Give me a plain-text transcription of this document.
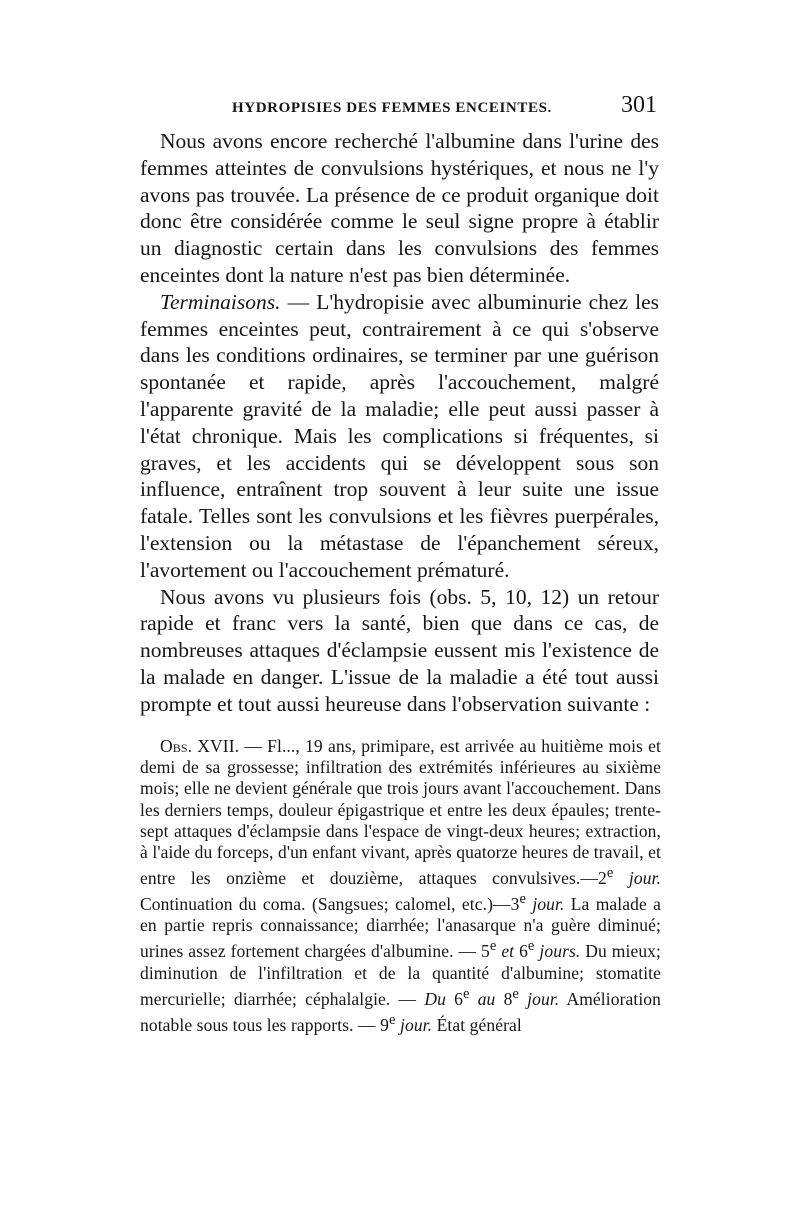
HYDROPISIES DES FEMMES ENCEINTES.	301

Nous avons encore recherché l'albumine dans l'urine des femmes atteintes de convulsions hystériques, et nous ne l'y avons pas trouvée. La présence de ce produit organique doit donc être considérée comme le seul signe propre à établir un diagnostic certain dans les convulsions des femmes enceintes dont la nature n'est pas bien déterminée.

Terminaisons. — L'hydropisie avec albuminurie chez les femmes enceintes peut, contrairement à ce qui s'observe dans les conditions ordinaires, se terminer par une guérison spontanée et rapide, après l'accouchement, malgré l'apparente gravité de la maladie; elle peut aussi passer à l'état chronique. Mais les complications si fréquentes, si graves, et les accidents qui se développent sous son influence, entraînent trop souvent à leur suite une issue fatale. Telles sont les convulsions et les fièvres puerpérales, l'extension ou la métastase de l'épanchement séreux, l'avortement ou l'accouchement prématuré.

Nous avons vu plusieurs fois (obs. 5, 10, 12) un retour rapide et franc vers la santé, bien que dans ce cas, de nombreuses attaques d'éclampsie eussent mis l'existence de la malade en danger. L'issue de la maladie a été tout aussi prompte et tout aussi heureuse dans l'observation suivante :

Obs. XVII. — Fl..., 19 ans, primipare, est arrivée au huitième mois et demi de sa grossesse; infiltration des extrémités inférieures au sixième mois; elle ne devient générale que trois jours avant l'accouchement. Dans les derniers temps, douleur épigastrique et entre les deux épaules; trente-sept attaques d'éclampsie dans l'espace de vingt-deux heures; extraction, à l'aide du forceps, d'un enfant vivant, après quatorze heures de travail, et entre les onzième et douzième, attaques convulsives.—2e jour. Continuation du coma. (Sangsues; calomel, etc.)—3e jour. La malade a en partie repris connaissance; diarrhée; l'anasarque n'a guère diminué; urines assez fortement chargées d'albumine. — 5e et 6e jours. Du mieux; diminution de l'infiltration et de la quantité d'albumine; stomatite mercurielle; diarrhée; céphalalgie. — Du 6e au 8e jour. Amélioration notable sous tous les rapports. — 9e jour. État général
